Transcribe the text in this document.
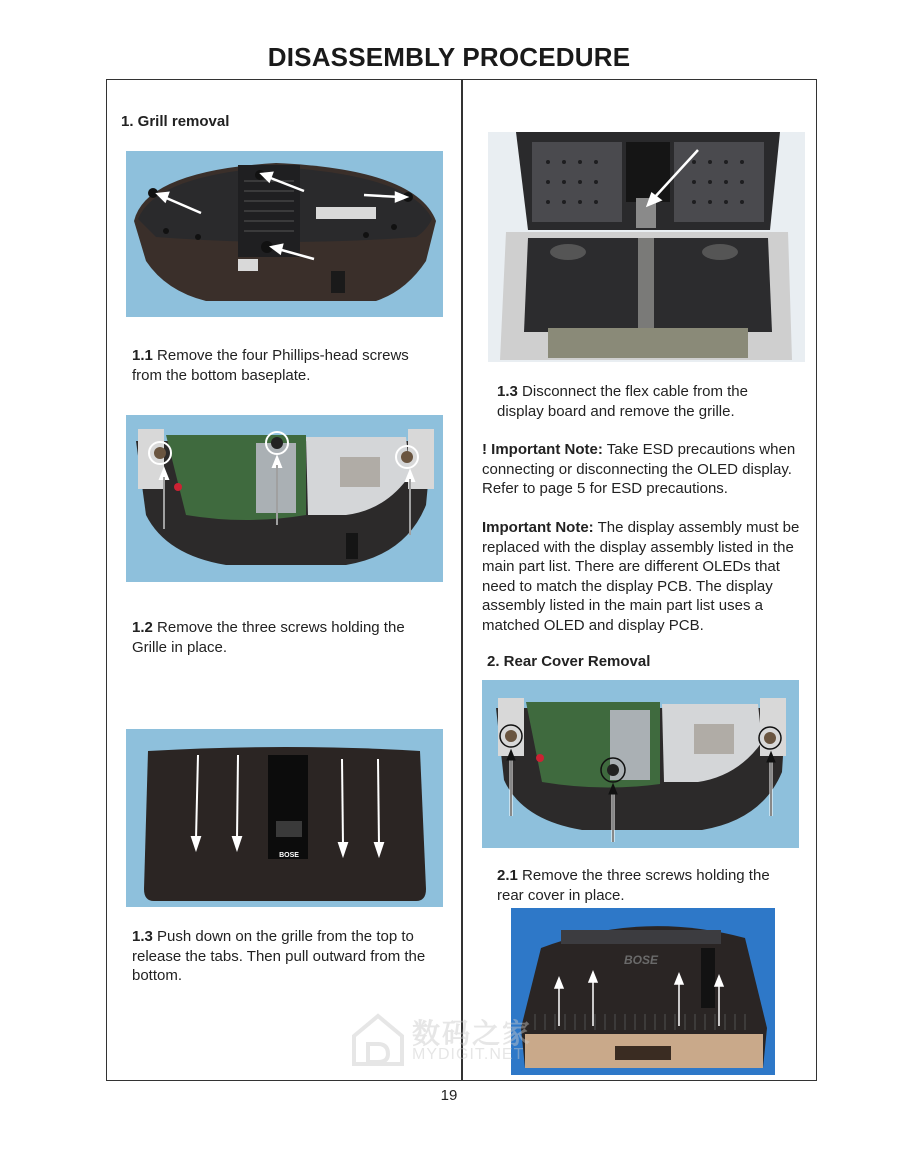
DISASSEMBLY PROCEDURE
1. Grill removal
1.1 Remove the four Phillips-head screws from the bottom baseplate.
1.2 Remove the three screws holding the Grille in place.
BOSE
1.3 Push down on the grille from the top to release the tabs. Then pull outward from the bottom.
1.3 Disconnect the flex cable from the display board and remove the grille.
! Important Note: Take ESD precautions when connecting or disconnecting the OLED display. Refer to page 5 for ESD precautions.
Important Note: The display assembly must be replaced with the display assembly listed in the main part list. There are different OLEDs that need to match the display PCB. The display assembly listed in the main part list uses a matched OLED and display PCB.
2. Rear Cover Removal
2.1 Remove the three screws holding the rear cover in place.
BOSE
数码之家
MYDIGIT.NET
19
